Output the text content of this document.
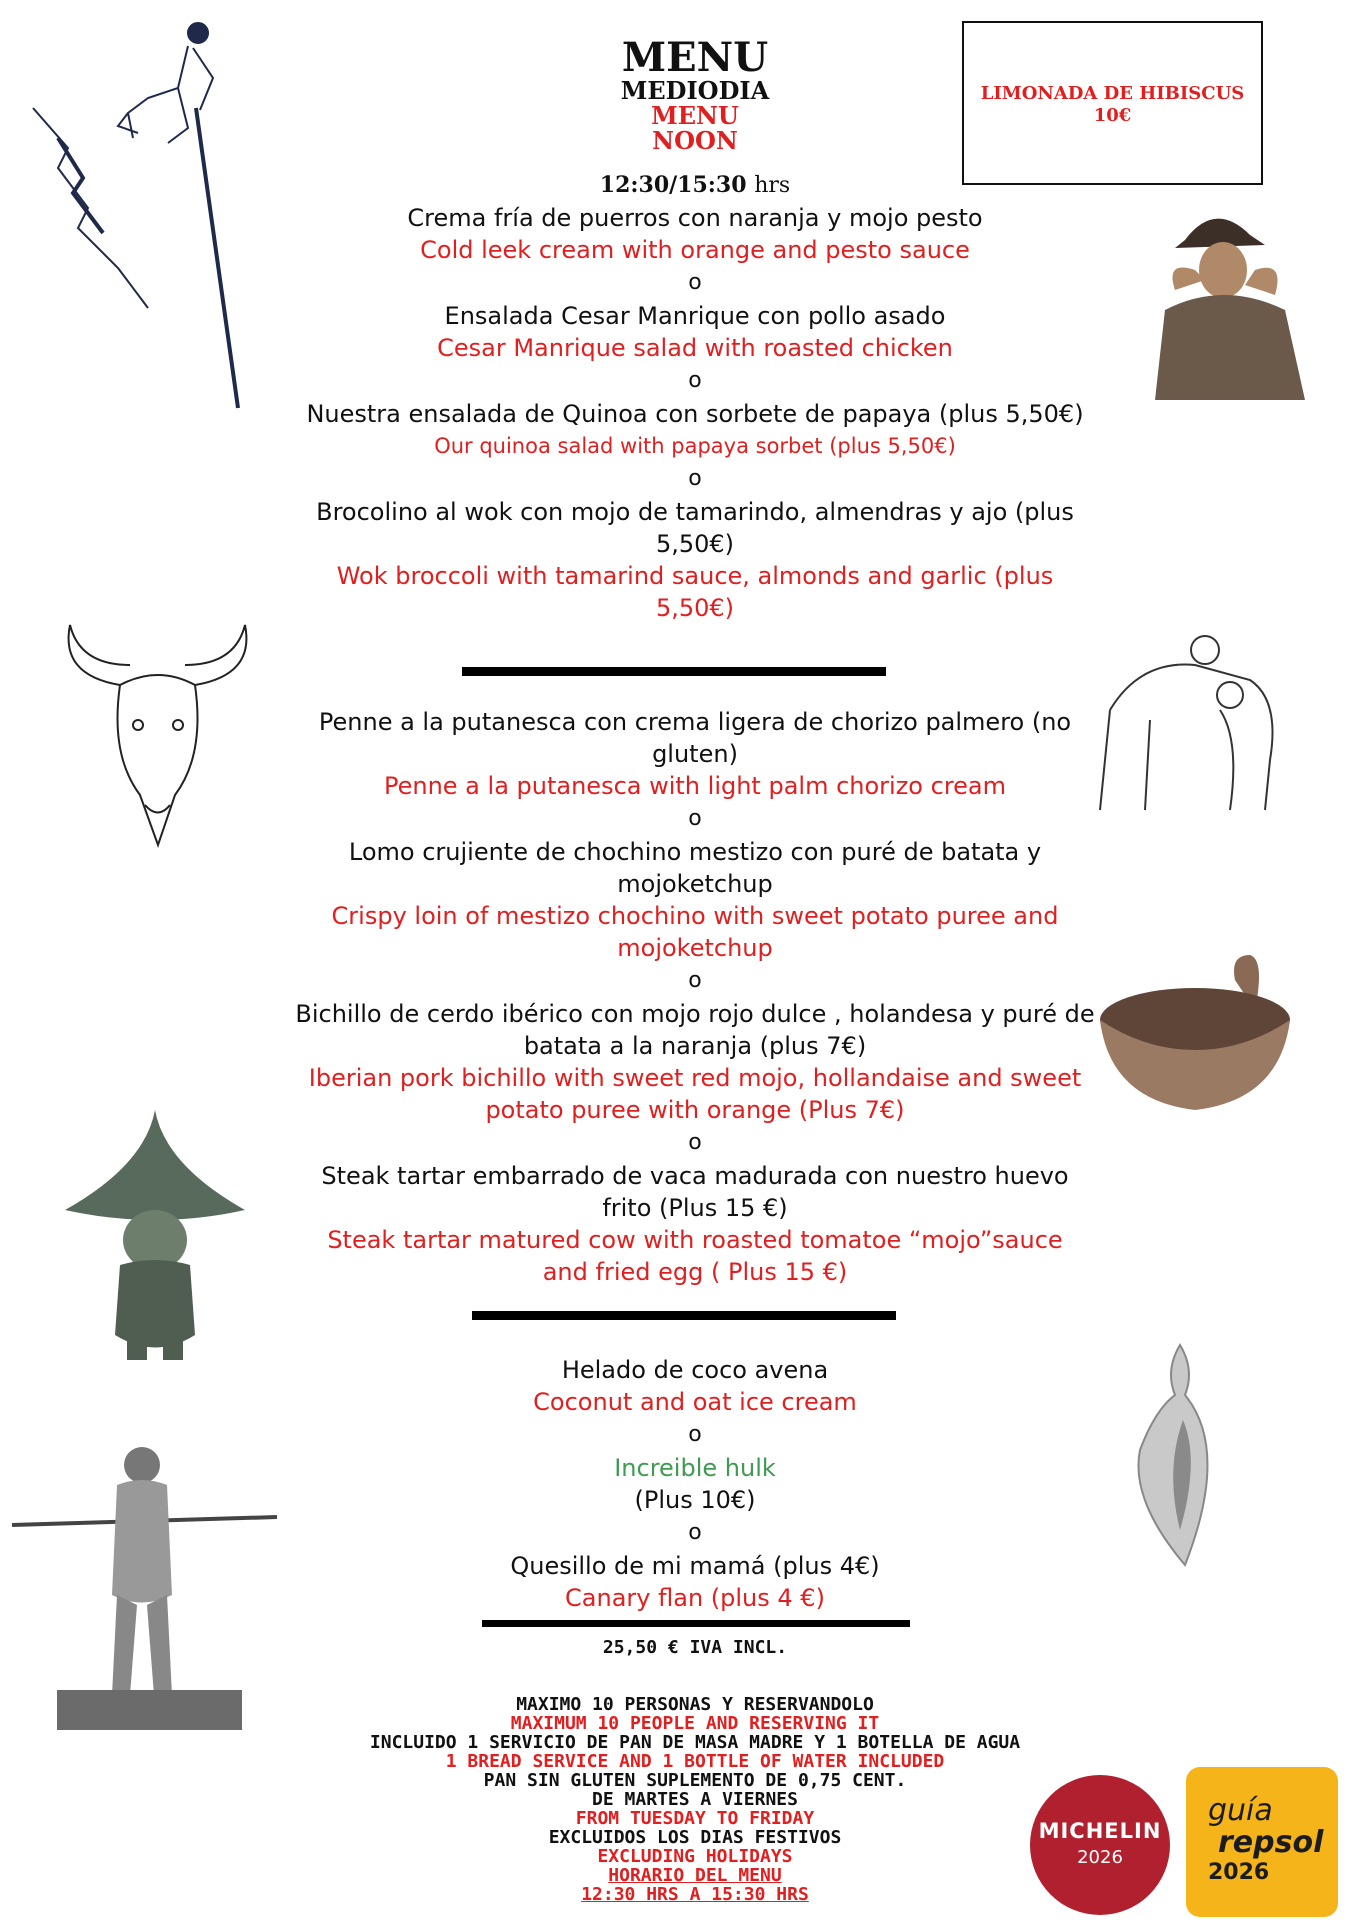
MENU
MEDIODIA
MENU
NOON
12:30/15:30 hrs
LIMONADA DE HIBISCUS
10€
Crema fría de puerros con naranja y mojo pesto
Cold leek cream with orange and pesto sauce
o
Ensalada Cesar Manrique con pollo asado
Cesar Manrique salad with roasted chicken
o
Nuestra ensalada de Quinoa con sorbete de papaya (plus 5,50€)
Our quinoa salad with papaya sorbet (plus 5,50€)
o
Brocolino al wok con mojo de tamarindo, almendras y ajo (plus 5,50€)
Wok broccoli with tamarind sauce, almonds and garlic (plus 5,50€)
Penne a la putanesca con crema ligera de chorizo palmero (no gluten)
Penne a la putanesca with light palm chorizo cream
o
Lomo crujiente de chochino mestizo con puré de batata y mojoketchup
Crispy loin of mestizo chochino with sweet potato puree and mojoketchup
o
Bichillo de cerdo ibérico con mojo rojo dulce , holandesa y puré de batata a la naranja (plus 7€)
Iberian pork bichillo with sweet red mojo, hollandaise and sweet potato puree with orange (Plus 7€)
o
Steak tartar embarrado de vaca madurada con nuestro huevo frito (Plus 15 €)
Steak tartar matured cow with roasted tomatoe “mojo”sauce and fried egg ( Plus 15 €)
Helado de coco avena
Coconut and oat ice cream
o
Increible hulk
(Plus 10€)
o
Quesillo de mi mamá (plus 4€)
Canary flan (plus 4 €)
25,50 € IVA INCL.
MAXIMO 10 PERSONAS Y RESERVANDOLO
MAXIMUM 10 PEOPLE AND RESERVING IT
INCLUIDO 1 SERVICIO DE PAN DE MASA MADRE Y 1 BOTELLA DE AGUA
1 BREAD SERVICE AND 1 BOTTLE OF WATER INCLUDED
PAN SIN GLUTEN SUPLEMENTO DE 0,75 CENT.
DE MARTES A VIERNES
FROM TUESDAY TO FRIDAY
EXCLUIDOS LOS DIAS FESTIVOS
EXCLUDING HOLIDAYS
HORARIO DEL MENU
12:30 HRS A 15:30 HRS
MICHELIN
2026
guía
repsol
2026
